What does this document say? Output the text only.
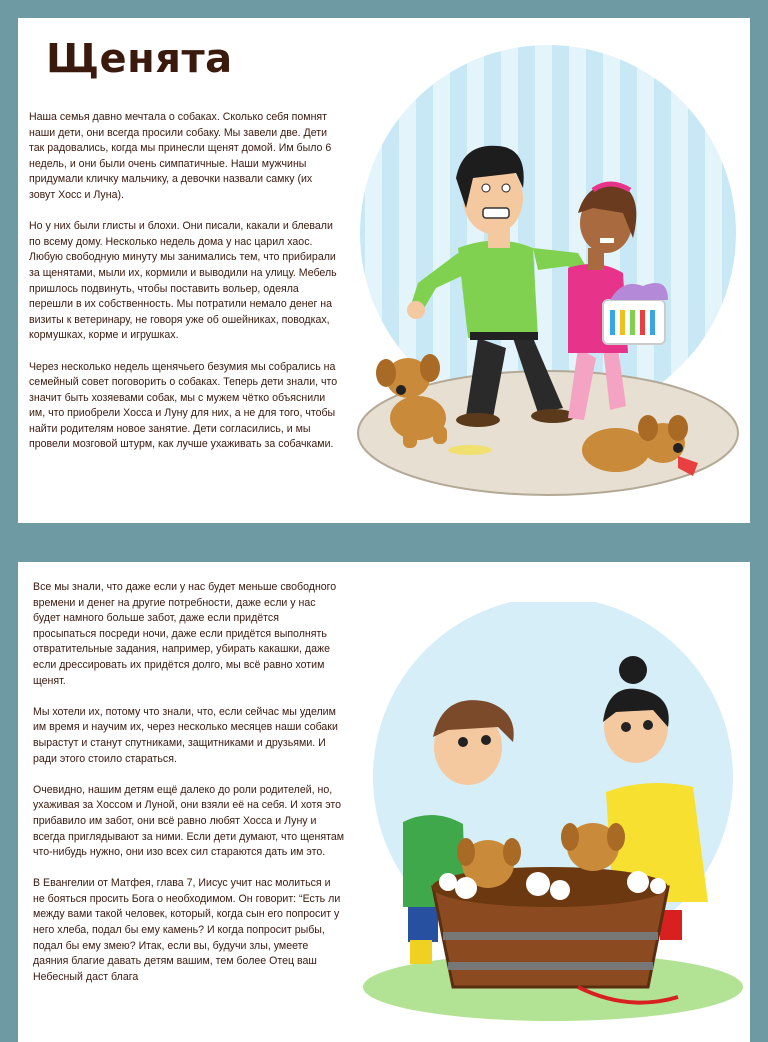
Щенята

Наша семья давно мечтала о собаках. Сколько себя помнят наши дети, они всегда просили собаку. Мы завели две. Дети так радовались, когда мы принесли щенят домой. Им было 6 недель, и они были очень симпатичные. Наши мужчины придумали кличку мальчику, а девочки назвали самку (их зовут Хосс и Луна).

Но у них были глисты и блохи. Они писали, какали и блевали по всему дому. Несколько недель дома у нас царил хаос. Любую свободную минуту мы занимались тем, что прибирали за щенятами, мыли их, кормили и выводили на улицу. Мебель пришлось подвинуть, чтобы поставить вольер, одеяла перешли в их собственность. Мы потратили немало денег на визиты к ветеринару, не говоря уже об ошейниках, поводках, кормушках, корме и игрушках.

Через несколько недель щенячьего безумия мы собрались на семейный совет поговорить о собаках. Теперь дети знали, что значит быть хозяевами собак, мы с мужем чётко объяснили им, что приобрели Хосса и Луну для них, а не для того, чтобы найти родителям новое занятие. Дети согласились, и мы провели мозговой штурм, как лучше ухаживать за собачками.

Все мы знали, что даже если у нас будет меньше свободного времени и денег на другие потребности, даже если у нас будет намного больше забот, даже если придётся просыпаться посреди ночи, даже если придётся выполнять отвратительные задания, например, убирать какашки, даже если дрессировать их придётся долго, мы всё равно хотим щенят.

Мы хотели их, потому что знали, что, если сейчас мы уделим им время и научим их, через несколько месяцев наши собаки вырастут и станут спутниками, защитниками и друзьями. И ради этого стоило стараться.

Очевидно, нашим детям ещё далеко до роли родителей, но, ухаживая за Хоссом и Луной, они взяли её на себя. И хотя это прибавило им забот, они всё равно любят Хосса и Луну и всегда приглядывают за ними. Если дети думают, что щенятам что-нибудь нужно, они изо всех сил стараются дать им это.

В Евангелии от Матфея, глава 7, Иисус учит нас молиться и не бояться просить Бога о необходимом. Он говорит: “Есть ли между вами такой человек, который, когда сын его попросит у него хлеба, подал бы ему камень? И когда попросит рыбы, подал бы ему змею? Итак, если вы, будучи злы, умеете даяния благие давать детям вашим, тем более Отец ваш Небесный даст блага
